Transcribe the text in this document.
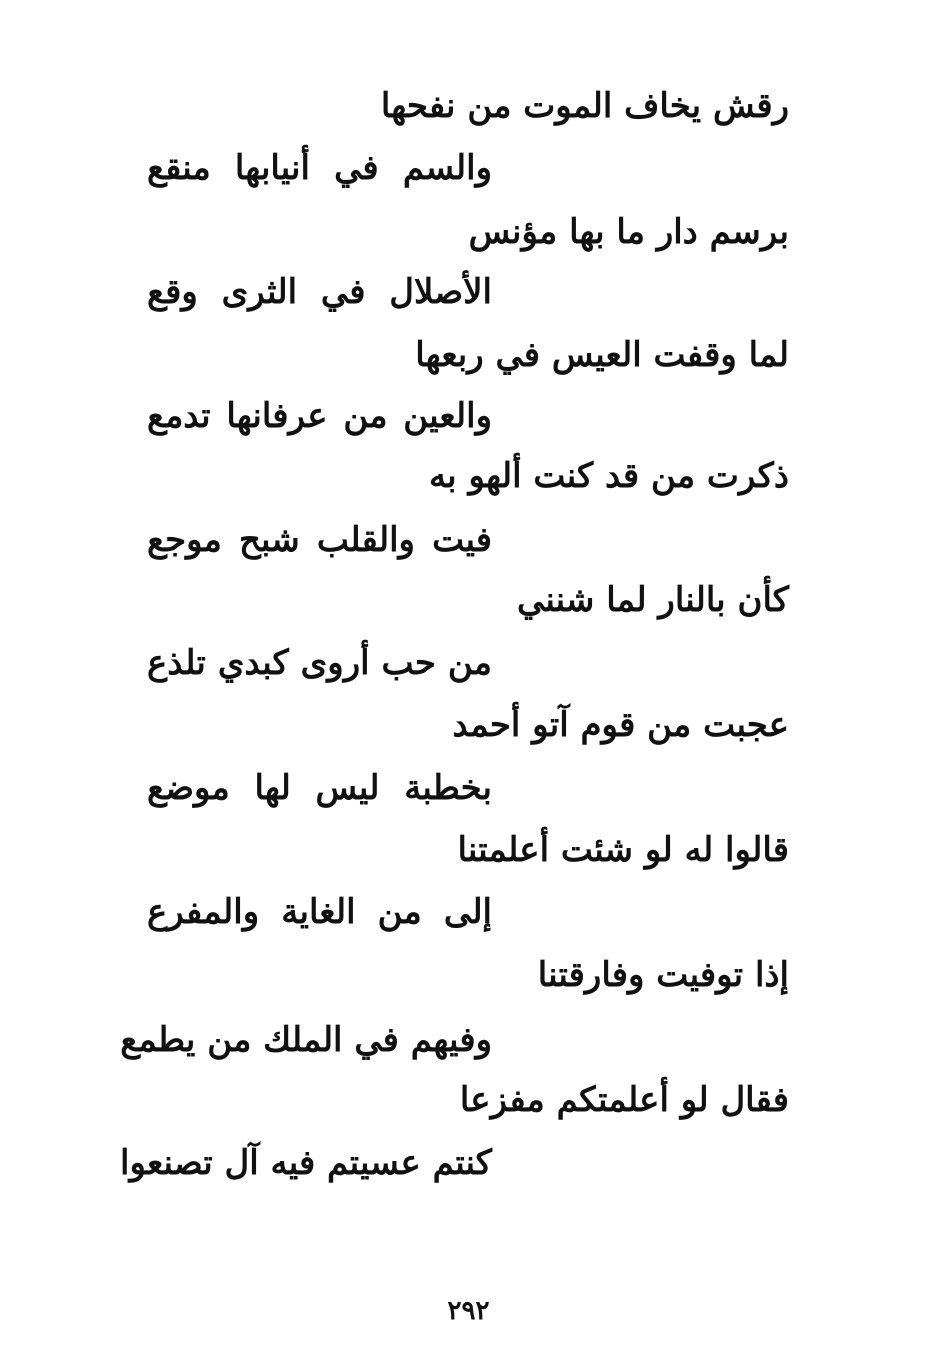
رقش يخاف الموت من نفحها
والسم في أنيابها منقع
برسم دار ما بها مؤنس
الأصلال في الثرى وقع
لما وقفت العيس في ربعها
والعين من عرفانها تدمع
ذكرت من قد كنت ألهو به
فيت والقلب شبح موجع
كأن بالنار لما شنني
من حب أروى كبدي تلذع
عجبت من قوم آتو أحمد
بخطبة ليس لها موضع
قالوا له لو شئت أعلمتنا
إلى من الغاية والمفرع
إذا توفيت وفارقتنا
وفيهم في الملك من يطمع
فقال لو أعلمتكم مفزعا
كنتم عسيتم فيه آل تصنعوا
٢٩٢
